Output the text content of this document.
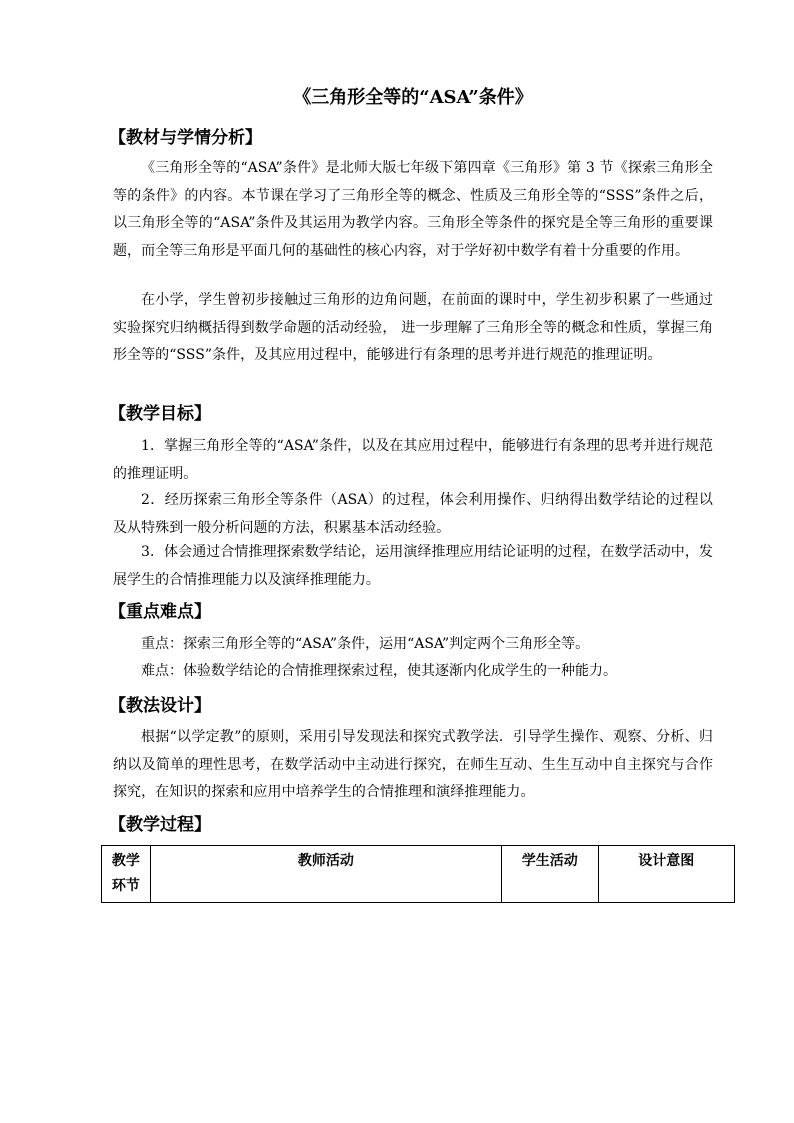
《三角形全等的“ASA”条件》
【教材与学情分析】
《三角形全等的“ASA”条件》是北师大版七年级下第四章《三角形》第 3 节《探索三角形全等的条件》的内容。本节课在学习了三角形全等的概念、性质及三角形全等的“SSS”条件之后，以三角形全等的“ASA”条件及其运用为教学内容。三角形全等条件的探究是全等三角形的重要课题，而全等三角形是平面几何的基础性的核心内容，对于学好初中数学有着十分重要的作用。
在小学，学生曾初步接触过三角形的边角问题，在前面的课时中，学生初步积累了一些通过实验探究归纳概括得到数学命题的活动经验， 进一步理解了三角形全等的概念和性质，掌握三角形全等的“SSS”条件，及其应用过程中，能够进行有条理的思考并进行规范的推理证明。
【教学目标】
1．掌握三角形全等的“ASA”条件，以及在其应用过程中，能够进行有条理的思考并进行规范的推理证明。
2．经历探索三角形全等条件（ASA）的过程，体会利用操作、归纳得出数学结论的过程以及从特殊到一般分析问题的方法，积累基本活动经验。
3．体会通过合情推理探索数学结论，运用演绎推理应用结论证明的过程，在数学活动中，发展学生的合情推理能力以及演绎推理能力。
【重点难点】
重点：探索三角形全等的“ASA”条件，运用“ASA”判定两个三角形全等。
难点：体验数学结论的合情推理探索过程，使其逐渐内化成学生的一种能力。
【教法设计】
根据“以学定教”的原则，采用引导发现法和探究式教学法．引导学生操作、观察、分析、归纳以及简单的理性思考，在数学活动中主动进行探究，在师生互动、生生互动中自主探究与合作探究，在知识的探索和应用中培养学生的合情推理和演绎推理能力。
【教学过程】
教学环节	教师活动	学生活动	设计意图
